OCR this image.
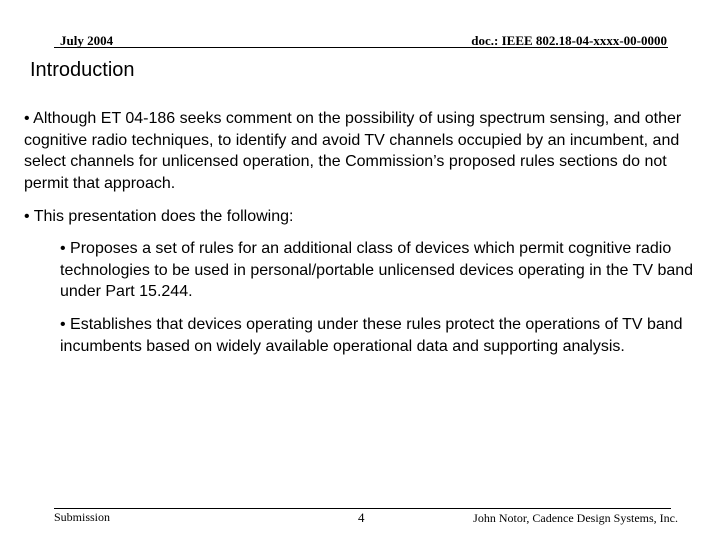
July 2004	doc.: IEEE 802.18-04-xxxx-00-0000
Introduction
• Although ET 04-186 seeks comment on the possibility of using spectrum sensing, and other cognitive radio techniques, to identify and avoid TV channels occupied by an incumbent, and select channels for unlicensed operation, the Commission’s proposed rules sections do not permit that approach.
• This presentation does the following:
• Proposes a set of rules for an additional class of devices which permit cognitive radio technologies to be used in personal/portable unlicensed devices operating in the TV band under Part 15.244.
• Establishes that devices operating under these rules protect the operations of TV band incumbents based on widely available operational data and supporting analysis.
Submission	4	John Notor, Cadence Design Systems, Inc.
